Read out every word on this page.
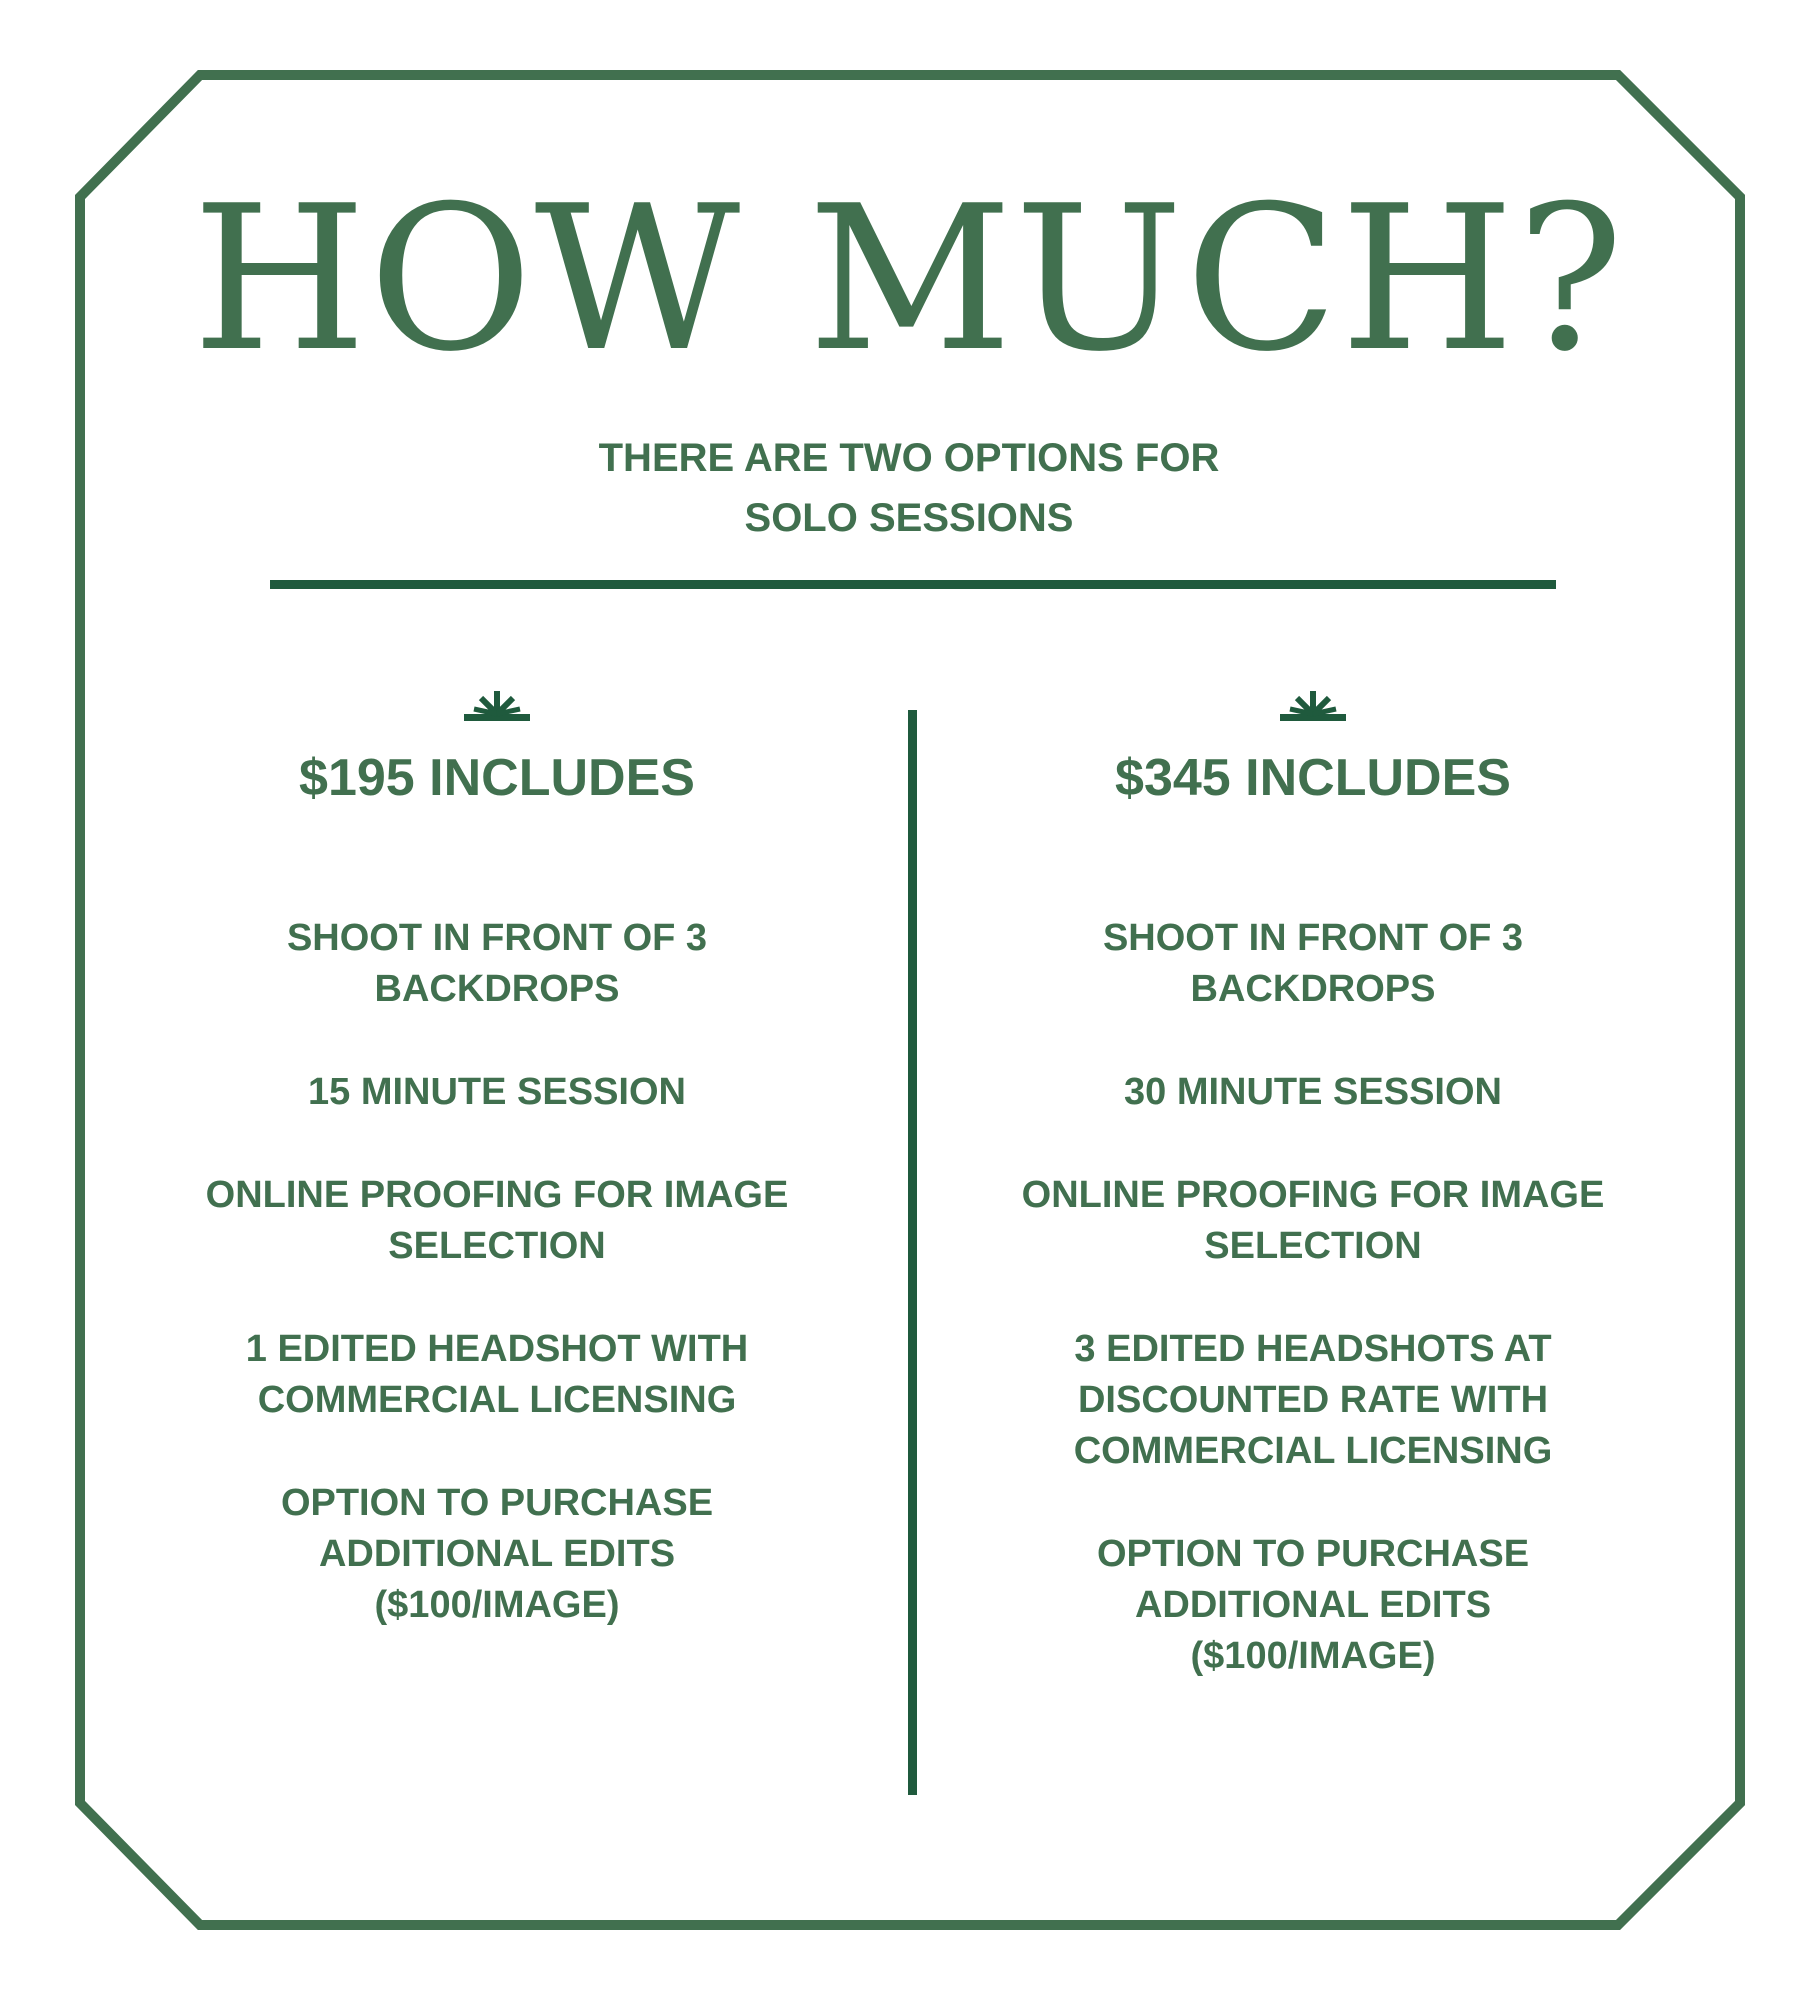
HOW MUCH?
THERE ARE TWO OPTIONS FOR
SOLO SESSIONS
$195 INCLUDES
SHOOT IN FRONT OF 3
BACKDROPS
15 MINUTE SESSION
ONLINE PROOFING FOR IMAGE
SELECTION
1 EDITED HEADSHOT WITH
COMMERCIAL LICENSING
OPTION TO PURCHASE
ADDITIONAL EDITS
($100/IMAGE)
$345 INCLUDES
SHOOT IN FRONT OF 3
BACKDROPS
30 MINUTE SESSION
ONLINE PROOFING FOR IMAGE
SELECTION
3 EDITED HEADSHOTS AT
DISCOUNTED RATE WITH
COMMERCIAL LICENSING
OPTION TO PURCHASE
ADDITIONAL EDITS
($100/IMAGE)
